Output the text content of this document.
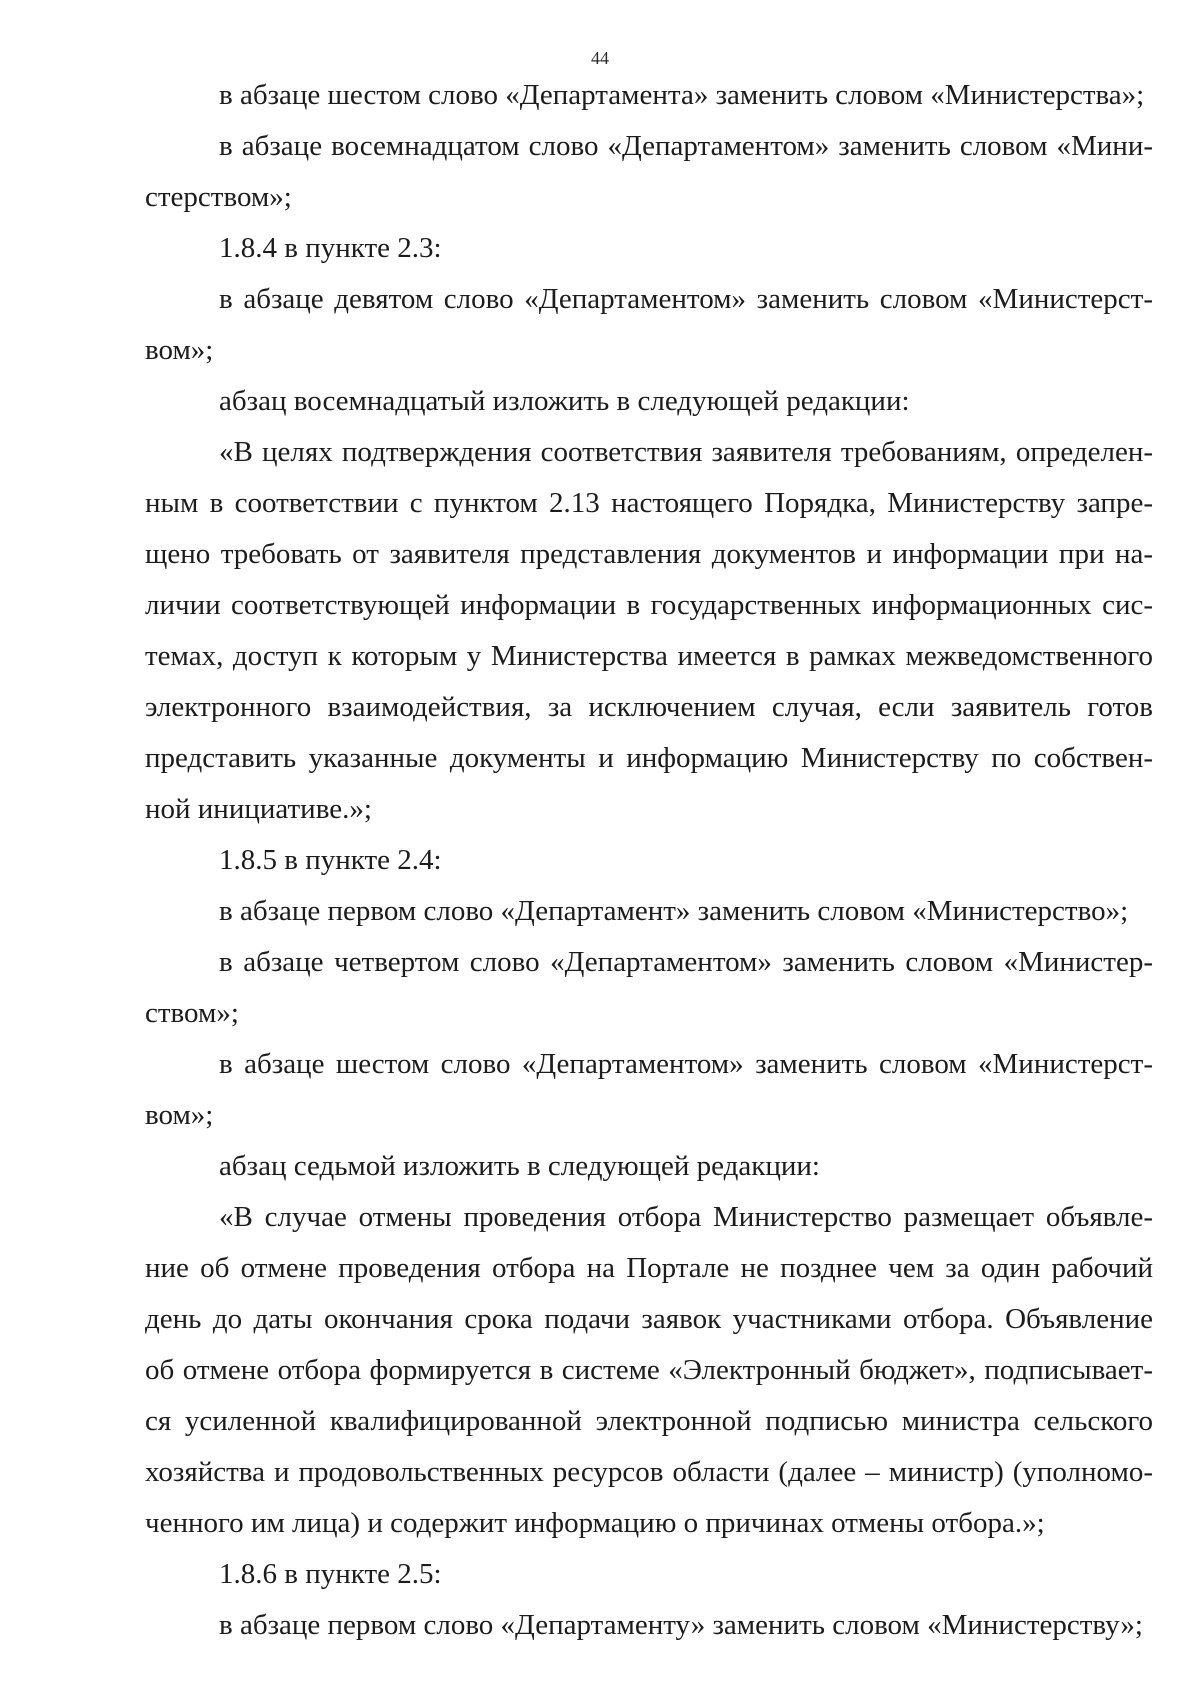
44
в абзаце шестом слово «Департамента» заменить словом «Министерства»;
в абзаце восемнадцатом слово «Департаментом» заменить словом «Мини-
стерством»;
1.8.4 в пункте 2.3:
в абзаце девятом слово «Департаментом» заменить словом «Министерст-
вом»;
абзац восемнадцатый изложить в следующей редакции:
«В целях подтверждения соответствия заявителя требованиям, определен-
ным в соответствии с пунктом 2.13 настоящего Порядка, Министерству запре-
щено требовать от заявителя представления документов и информации при на-
личии соответствующей информации в государственных информационных сис-
темах, доступ к которым у Министерства имеется в рамках межведомственного
электронного взаимодействия, за исключением случая, если заявитель готов
представить указанные документы и информацию Министерству по собствен-
ной инициативе.»;
1.8.5 в пункте 2.4:
в абзаце первом слово «Департамент» заменить словом «Министерство»;
в абзаце четвертом слово «Департаментом» заменить словом «Министер-
ством»;
в абзаце шестом слово «Департаментом» заменить словом «Министерст-
вом»;
абзац седьмой изложить в следующей редакции:
«В случае отмены проведения отбора Министерство размещает объявле-
ние об отмене проведения отбора на Портале не позднее чем за один рабочий
день до даты окончания срока подачи заявок участниками отбора. Объявление
об отмене отбора формируется в системе «Электронный бюджет», подписывает-
ся усиленной квалифицированной электронной подписью министра сельского
хозяйства и продовольственных ресурсов области (далее – министр) (уполномо-
ченного им лица) и содержит информацию о причинах отмены отбора.»;
1.8.6 в пункте 2.5:
в абзаце первом слово «Департаменту» заменить словом «Министерству»;
